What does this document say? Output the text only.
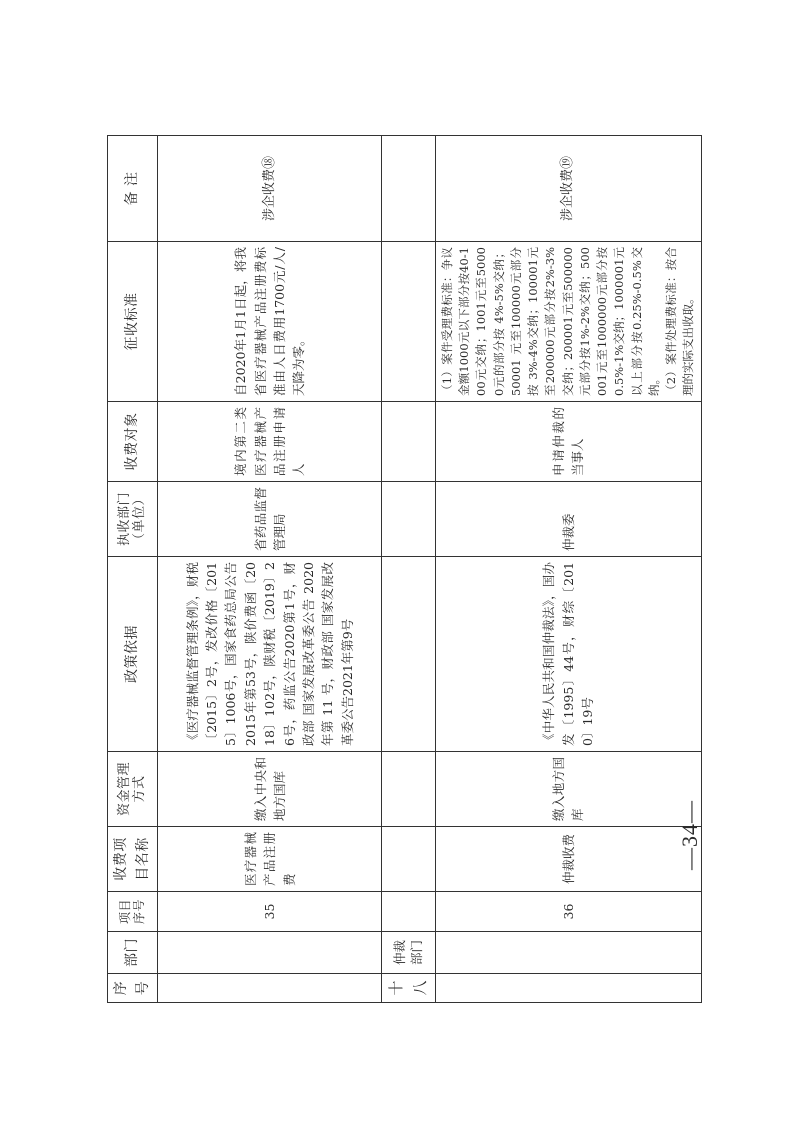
序号	部门	项目序号	收费项目名称	资金管理方式	政策依据	执收部门（单位）	收费对象	征收标准	备 注
		35	医疗器械产品注册费	缴入中央和地方国库	《医疗器械监督管理条例》，财税〔2015〕2号，发改价格〔2015〕1006号，国家食药总局公告2015年第53号，陕价费函〔2018〕102号，陕财税〔2019〕26号，药监公告2020第1号，财政部 国家发展改革委公告 2020 年第 11 号，财政部 国家发展改革委公告2021年第9号	省药品监督管理局	境内第二类医疗器械产品注册申请人	自2020年1月1日起，将我省医疗器械产品注册费标准由人日费用1700元/人/天降为零。	涉企收费⑱
十八	仲裁部门								
		36	仲裁收费	缴入地方国库	《中华人民共和国仲裁法》，国办发〔1995〕44号，财综〔2010〕19号	仲裁委	申请仲裁的当事人	（1）案件受理费标准：争议金额1000元以下部分按40-100元交纳；1001元至50000元的部分按 4%-5%交纳；50001 元至100000元部分按 3%-4%交纳；100001元至200000元部分按2%-3%交纳；200001元至500000元部分按1%-2%交纳；500001元至1000000元部分按0.5%-1%交纳；1000001元以上部分按0.25%-0.5%交纳。 （2）案件处理费标准：按合理的实际支出收取。	涉企收费⑲
—34—
